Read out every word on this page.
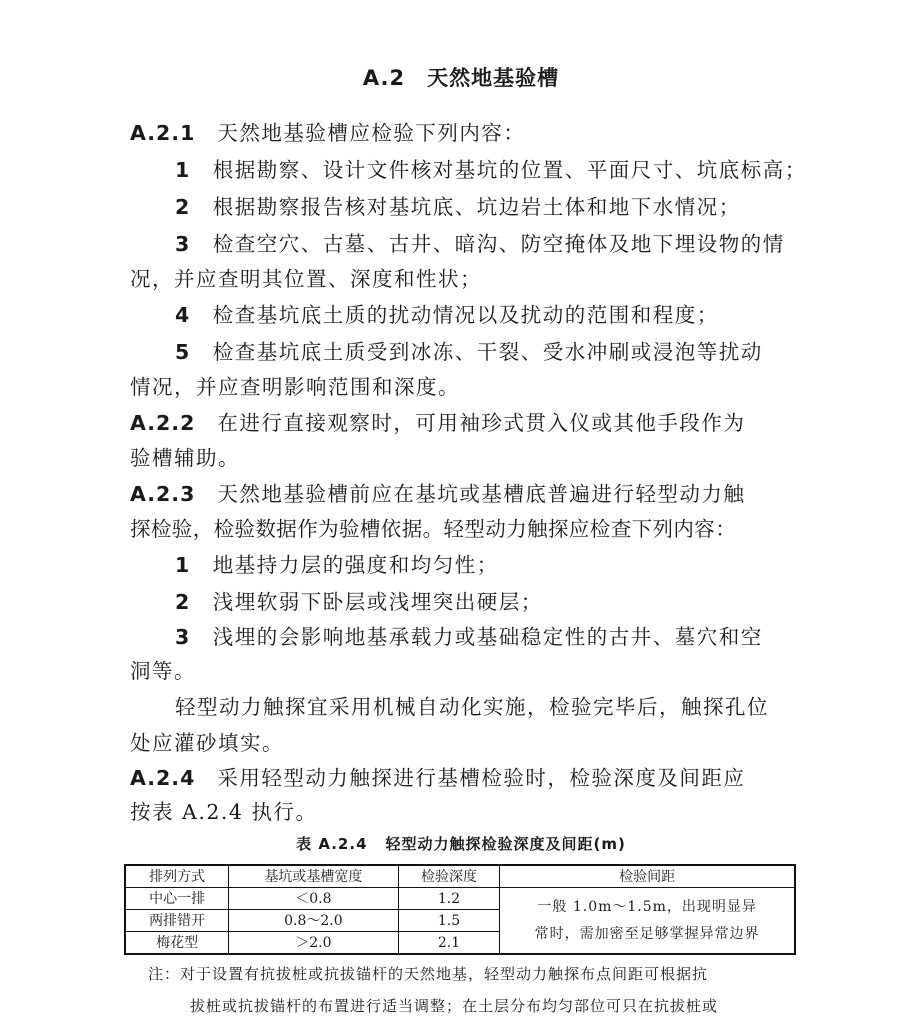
A.2 天然地基验槽
A.2.1 天然地基验槽应检验下列内容：
1 根据勘察、设计文件核对基坑的位置、平面尺寸、坑底标高；
2 根据勘察报告核对基坑底、坑边岩土体和地下水情况；
3 检查空穴、古墓、古井、暗沟、防空掩体及地下埋设物的情
况，并应查明其位置、深度和性状；
4 检查基坑底土质的扰动情况以及扰动的范围和程度；
5 检查基坑底土质受到冰冻、干裂、受水冲刷或浸泡等扰动
情况，并应查明影响范围和深度。
A.2.2 在进行直接观察时，可用袖珍式贯入仪或其他手段作为
验槽辅助。
A.2.3 天然地基验槽前应在基坑或基槽底普遍进行轻型动力触
探检验，检验数据作为验槽依据。轻型动力触探应检查下列内容：
1 地基持力层的强度和均匀性；
2 浅埋软弱下卧层或浅埋突出硬层；
3 浅埋的会影响地基承载力或基础稳定性的古井、墓穴和空
洞等。
轻型动力触探宜采用机械自动化实施，检验完毕后，触探孔位
处应灌砂填实。
A.2.4 采用轻型动力触探进行基槽检验时，检验深度及间距应
按表 A.2.4 执行。
表 A.2.4 轻型动力触探检验深度及间距(m)
排列方式	基坑或基槽宽度	检验深度	检验间距
中心一排	＜0.8	1.2	一般 1.0m～1.5m，出现明显异
常时，需加密至足够掌握异常边界

两排错开	0.8～2.0	1.5	
梅花型	＞2.0	2.1	
注：对于设置有抗拔桩或抗拔锚杆的天然地基，轻型动力触探布点间距可根据抗
拔桩或抗拔锚杆的布置进行适当调整；在土层分布均匀部位可只在抗拔桩或
